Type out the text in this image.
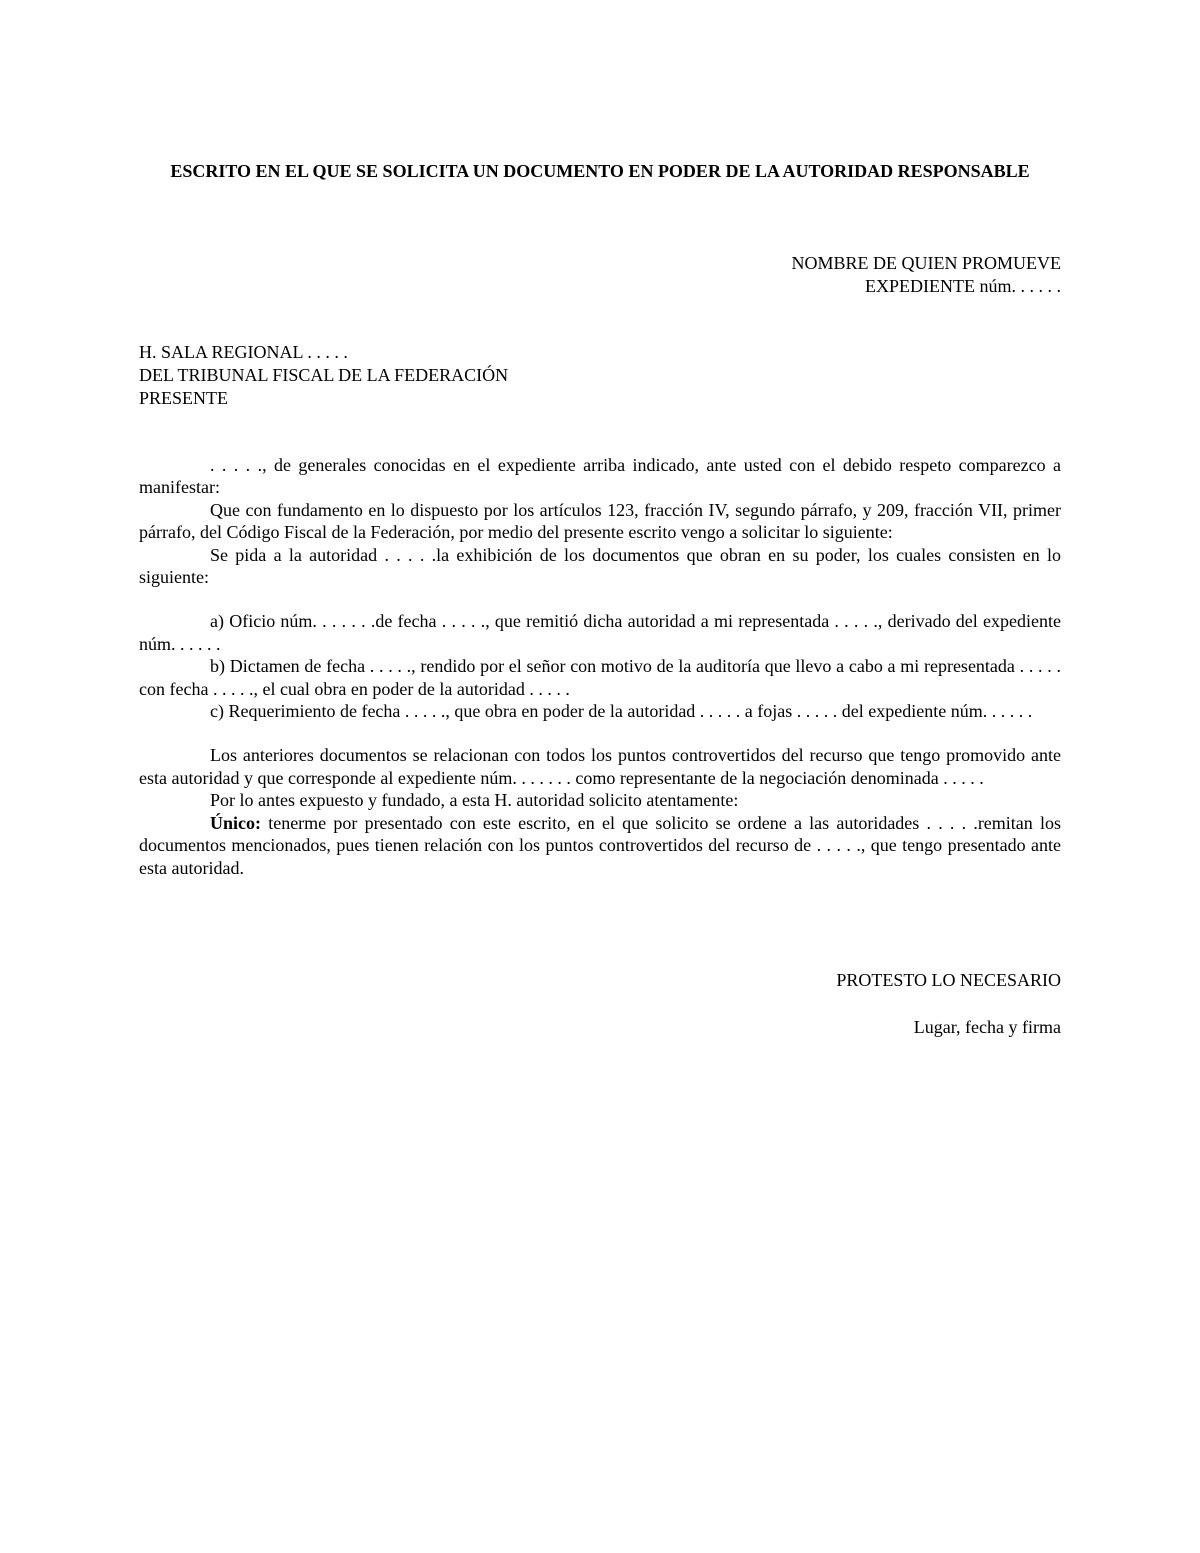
ESCRITO EN EL QUE SE SOLICITA UN DOCUMENTO EN PODER DE LA AUTORIDAD RESPONSABLE
NOMBRE DE QUIEN PROMUEVE
EXPEDIENTE núm. . . . . .
H. SALA REGIONAL . . . . .
DEL TRIBUNAL FISCAL DE LA FEDERACIÓN
PRESENTE

. . . . ., de generales conocidas en el expediente arriba indicado, ante usted con el debido respeto comparezco a manifestar:

Que con fundamento en lo dispuesto por los artículos 123, fracción IV, segundo párrafo, y 209, fracción VII, primer párrafo, del Código Fiscal de la Federación, por medio del presente escrito vengo a solicitar lo siguiente:

Se pida a la autoridad . . . . .la exhibición de los documentos que obran en su poder, los cuales consisten en lo siguiente:

a) Oficio núm. . . . . . .de fecha . . . . ., que remitió dicha autoridad a mi representada . . . . ., derivado del expediente núm. . . . . .

b) Dictamen de fecha . . . . ., rendido por el señor con motivo de la auditoría que llevo a cabo a mi representada . . . . . con fecha . . . . ., el cual obra en poder de la autoridad . . . . .

c) Requerimiento de fecha . . . . ., que obra en poder de la autoridad . . . . . a fojas . . . . . del expediente núm. . . . . .

Los anteriores documentos se relacionan con todos los puntos controvertidos del recurso que tengo promovido ante esta autoridad y que corresponde al expediente núm. . . . . . . como representante de la negociación denominada . . . . .

Por lo antes expuesto y fundado, a esta H. autoridad solicito atentamente:

Único: tenerme por presentado con este escrito, en el que solicito se ordene a las autoridades . . . . .remitan los documentos mencionados, pues tienen relación con los puntos controvertidos del recurso de . . . . ., que tengo presentado ante esta autoridad.

PROTESTO LO NECESARIO
Lugar, fecha y firma
